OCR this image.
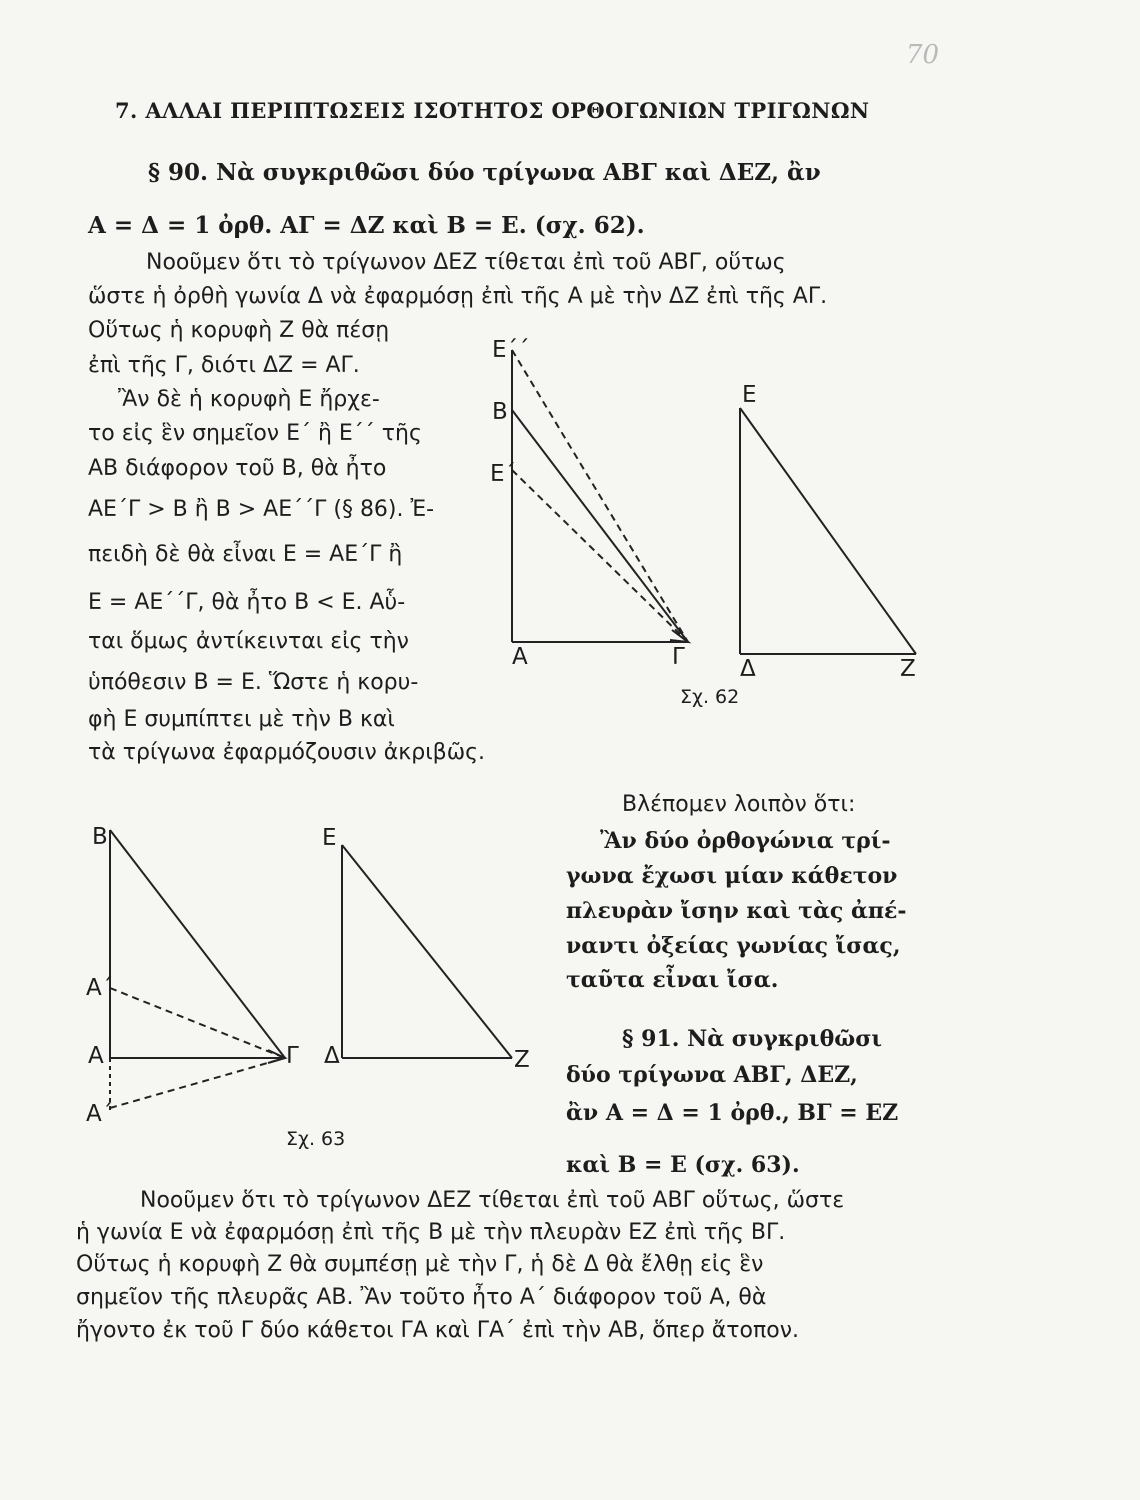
70
7. ΑΛΛΑΙ ΠΕΡΙΠΤΩΣΕΙΣ ΙΣΟΤΗΤΟΣ ΟΡΘΟΓΩΝΙΩΝ ΤΡΙΓΩΝΩΝ
§ 90. Νὰ συγκριθῶσι δύο τρίγωνα ΑΒΓ καὶ ΔΕΖ, ἂν
Α = Δ = 1 ὀρθ. ΑΓ = ΔΖ καὶ Β = Ε. (σχ. 62).
Νοοῦμεν ὅτι τὸ τρίγωνον ΔΕΖ τίθεται ἐπὶ τοῦ ΑΒΓ, οὕτως
ὥστε ἡ ὀρθὴ γωνία Δ νὰ ἐφαρμόσῃ ἐπὶ τῆς Α μὲ τὴν ΔΖ ἐπὶ τῆς ΑΓ.
Οὕτως ἡ κορυφὴ Ζ θὰ πέσῃ
ἐπὶ τῆς Γ, διότι ΔΖ = ΑΓ.
Ἂν δὲ ἡ κορυφὴ Ε ἤρχε-
το εἰς ἓν σημεῖον Ε΄ ἢ Ε΄΄ τῆς
ΑΒ διάφορον τοῦ Β, θὰ ἦτο
ΑΕ΄Γ > Β ἢ Β > ΑΕ΄΄Γ (§ 86). Ἐ-
πειδὴ δὲ θὰ εἶναι Ε = ΑΕ΄Γ ἢ
Ε = ΑΕ΄΄Γ, θὰ ἦτο Β < Ε. Αὗ-
ται ὅμως ἀντίκεινται εἰς τὴν
ὑπόθεσιν Β = Ε. Ὥστε ἡ κορυ-
φὴ Ε συμπίπτει μὲ τὴν Β καὶ
τὰ τρίγωνα ἐφαρμόζουσιν ἀκριβῶς.
Βλέπομεν λοιπὸν ὅτι:
Ἂν δύο ὀρθογώνια τρί-
γωνα ἔχωσι μίαν κάθετον
πλευρὰν ἴσην καὶ τὰς ἀπέ-
ναντι ὀξείας γωνίας ἴσας,
ταῦτα εἶναι ἴσα.
§ 91. Νὰ συγκριθῶσι
δύο τρίγωνα ΑΒΓ, ΔΕΖ,
ἂν Α = Δ = 1 ὀρθ., ΒΓ = ΕΖ
καὶ Β = Ε (σχ. 63).
Νοοῦμεν ὅτι τὸ τρίγωνον ΔΕΖ τίθεται ἐπὶ τοῦ ΑΒΓ οὕτως, ὥστε
ἡ γωνία Ε νὰ ἐφαρμόσῃ ἐπὶ τῆς Β μὲ τὴν πλευρὰν ΕΖ ἐπὶ τῆς ΒΓ.
Οὕτως ἡ κορυφὴ Ζ θὰ συμπέσῃ μὲ τὴν Γ, ἡ δὲ Δ θὰ ἔλθῃ εἰς ἓν
σημεῖον τῆς πλευρᾶς ΑΒ. Ἂν τοῦτο ἦτο Α΄ διάφορον τοῦ Α, θὰ
ἤγοντο ἐκ τοῦ Γ δύο κάθετοι ΓΑ καὶ ΓΑ΄ ἐπὶ τὴν ΑΒ, ὅπερ ἄτοπον.
Ε΄΄
Β
Ε΄
Α	Γ
Ε
Δ	Ζ
Σχ. 62
Β
Α΄
Α
Α΄
Γ
Ε
Δ	Ζ
Σχ. 63
